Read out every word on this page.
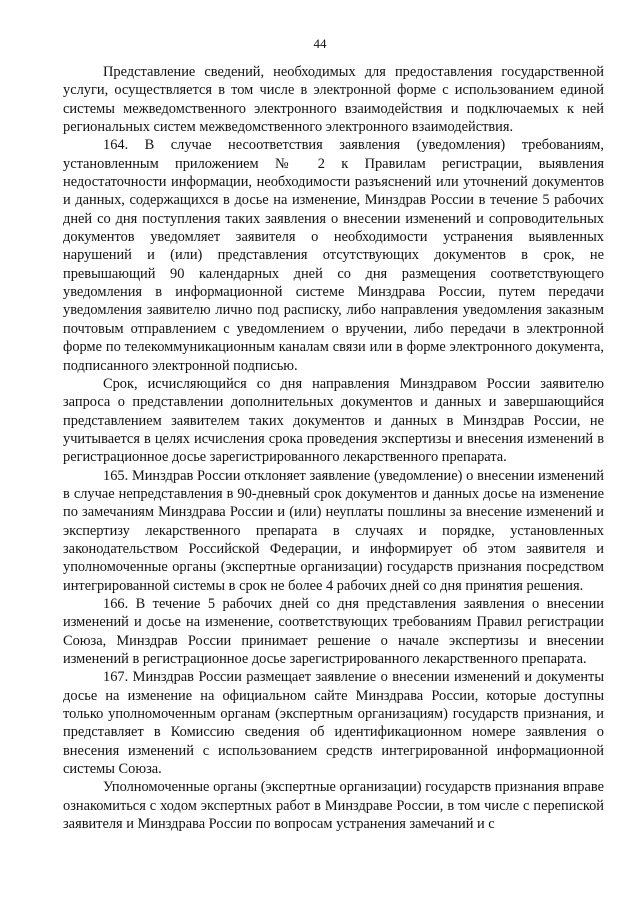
44

Представление сведений, необходимых для предоставления государственной услуги, осуществляется в том числе в электронной форме с использованием единой системы межведомственного электронного взаимодействия и подключаемых к ней региональных систем межведомственного электронного взаимодействия.

164. В случае несоответствия заявления (уведомления) требованиям, установленным приложением № 2 к Правилам регистрации, выявления недостаточности информации, необходимости разъяснений или уточнений документов и данных, содержащихся в досье на изменение, Минздрав России в течение 5 рабочих дней со дня поступления таких заявления о внесении изменений и сопроводительных документов уведомляет заявителя о необходимости устранения выявленных нарушений и (или) представления отсутствующих документов в срок, не превышающий 90 календарных дней со дня размещения соответствующего уведомления в информационной системе Минздрава России, путем передачи уведомления заявителю лично под расписку, либо направления уведомления заказным почтовым отправлением с уведомлением о вручении, либо передачи в электронной форме по телекоммуникационным каналам связи или в форме электронного документа, подписанного электронной подписью.

Срок, исчисляющийся со дня направления Минздравом России заявителю запроса о представлении дополнительных документов и данных и завершающийся представлением заявителем таких документов и данных в Минздрав России, не учитывается в целях исчисления срока проведения экспертизы и внесения изменений в регистрационное досье зарегистрированного лекарственного препарата.

165. Минздрав России отклоняет заявление (уведомление) о внесении изменений в случае непредставления в 90-дневный срок документов и данных досье на изменение по замечаниям Минздрава России и (или) неуплаты пошлины за внесение изменений и экспертизу лекарственного препарата в случаях и порядке, установленных законодательством Российской Федерации, и информирует об этом заявителя и уполномоченные органы (экспертные организации) государств признания посредством интегрированной системы в срок не более 4 рабочих дней со дня принятия решения.

166. В течение 5 рабочих дней со дня представления заявления о внесении изменений и досье на изменение, соответствующих требованиям Правил регистрации Союза, Минздрав России принимает решение о начале экспертизы и внесении изменений в регистрационное досье зарегистрированного лекарственного препарата.

167. Минздрав России размещает заявление о внесении изменений и документы досье на изменение на официальном сайте Минздрава России, которые доступны только уполномоченным органам (экспертным организациям) государств признания, и представляет в Комиссию сведения об идентификационном номере заявления о внесения изменений с использованием средств интегрированной информационной системы Союза.

Уполномоченные органы (экспертные организации) государств признания вправе ознакомиться с ходом экспертных работ в Минздраве России, в том числе с перепиской заявителя и Минздрава России по вопросам устранения замечаний и с
